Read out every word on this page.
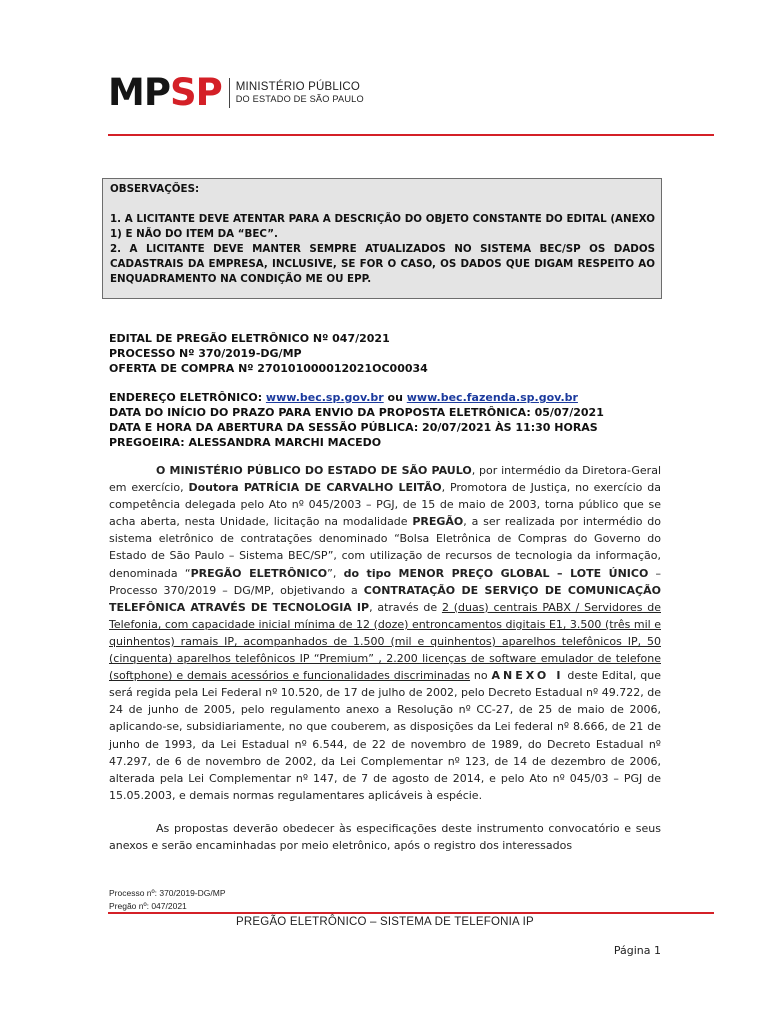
MPSP MINISTÉRIO PÚBLICO
DO ESTADO DE SÃO PAULO

OBSERVAÇÕES:

1. A LICITANTE DEVE ATENTAR PARA A DESCRIÇÃO DO OBJETO CONSTANTE DO EDITAL (ANEXO 1) E NÃO DO ITEM DA “BEC”.

2. A LICITANTE DEVE MANTER SEMPRE ATUALIZADOS NO SISTEMA BEC/SP OS DADOS CADASTRAIS DA EMPRESA, INCLUSIVE, SE FOR O CASO, OS DADOS QUE DIGAM RESPEITO AO ENQUADRAMENTO NA CONDIÇÃO ME OU EPP.

EDITAL DE PREGÃO ELETRÔNICO Nº 047/2021
PROCESSO Nº 370/2019-DG/MP
OFERTA DE COMPRA Nº 270101000012021OC00034
ENDEREÇO ELETRÔNICO: www.bec.sp.gov.br ou www.bec.fazenda.sp.gov.br
DATA DO INÍCIO DO PRAZO PARA ENVIO DA PROPOSTA ELETRÔNICA: 05/07/2021
DATA E HORA DA ABERTURA DA SESSÃO PÚBLICA: 20/07/2021 ÀS 11:30 HORAS
PREGOEIRA: ALESSANDRA MARCHI MACEDO

O MINISTÉRIO PÚBLICO DO ESTADO DE SÃO PAULO, por intermédio da Diretora-Geral em exercício, Doutora PATRÍCIA DE CARVALHO LEITÃO, Promotora de Justiça, no exercício da competência delegada pelo Ato nº 045/2003 – PGJ, de 15 de maio de 2003, torna público que se acha aberta, nesta Unidade, licitação na modalidade PREGÃO, a ser realizada por intermédio do sistema eletrônico de contratações denominado “Bolsa Eletrônica de Compras do Governo do Estado de São Paulo – Sistema BEC/SP”, com utilização de recursos de tecnologia da informação, denominada “PREGÃO ELETRÔNICO”, do tipo MENOR PREÇO GLOBAL – LOTE ÚNICO – Processo 370/2019 – DG/MP, objetivando a CONTRATAÇÃO DE SERVIÇO DE COMUNICAÇÃO TELEFÔNICA ATRAVÉS DE TECNOLOGIA IP, através de 2 (duas) centrais PABX / Servidores de Telefonia, com capacidade inicial mínima de 12 (doze) entroncamentos digitais E1, 3.500 (três mil e quinhentos) ramais IP, acompanhados de 1.500 (mil e quinhentos) aparelhos telefônicos IP, 50 (cinquenta) aparelhos telefônicos IP “Premium” , 2.200 licenças de software emulador de telefone (softphone) e demais acessórios e funcionalidades discriminadas no ANEXO I deste Edital, que será regida pela Lei Federal nº 10.520, de 17 de julho de 2002, pelo Decreto Estadual nº 49.722, de 24 de junho de 2005, pelo regulamento anexo a Resolução nº CC-27, de 25 de maio de 2006, aplicando-se, subsidiariamente, no que couberem, as disposições da Lei federal nº 8.666, de 21 de junho de 1993, da Lei Estadual nº 6.544, de 22 de novembro de 1989, do Decreto Estadual nº 47.297, de 6 de novembro de 2002, da Lei Complementar nº 123, de 14 de dezembro de 2006, alterada pela Lei Complementar nº 147, de 7 de agosto de 2014, e pelo Ato nº 045/03 – PGJ de 15.05.2003, e demais normas regulamentares aplicáveis à espécie.

As propostas deverão obedecer às especificações deste instrumento convocatório e seus anexos e serão encaminhadas por meio eletrônico, após o registro dos interessados

Processo nº: 370/2019-DG/MP
Pregão nº: 047/2021
PREGÃO ELETRÔNICO – SISTEMA DE TELEFONIA IP
Página 1
